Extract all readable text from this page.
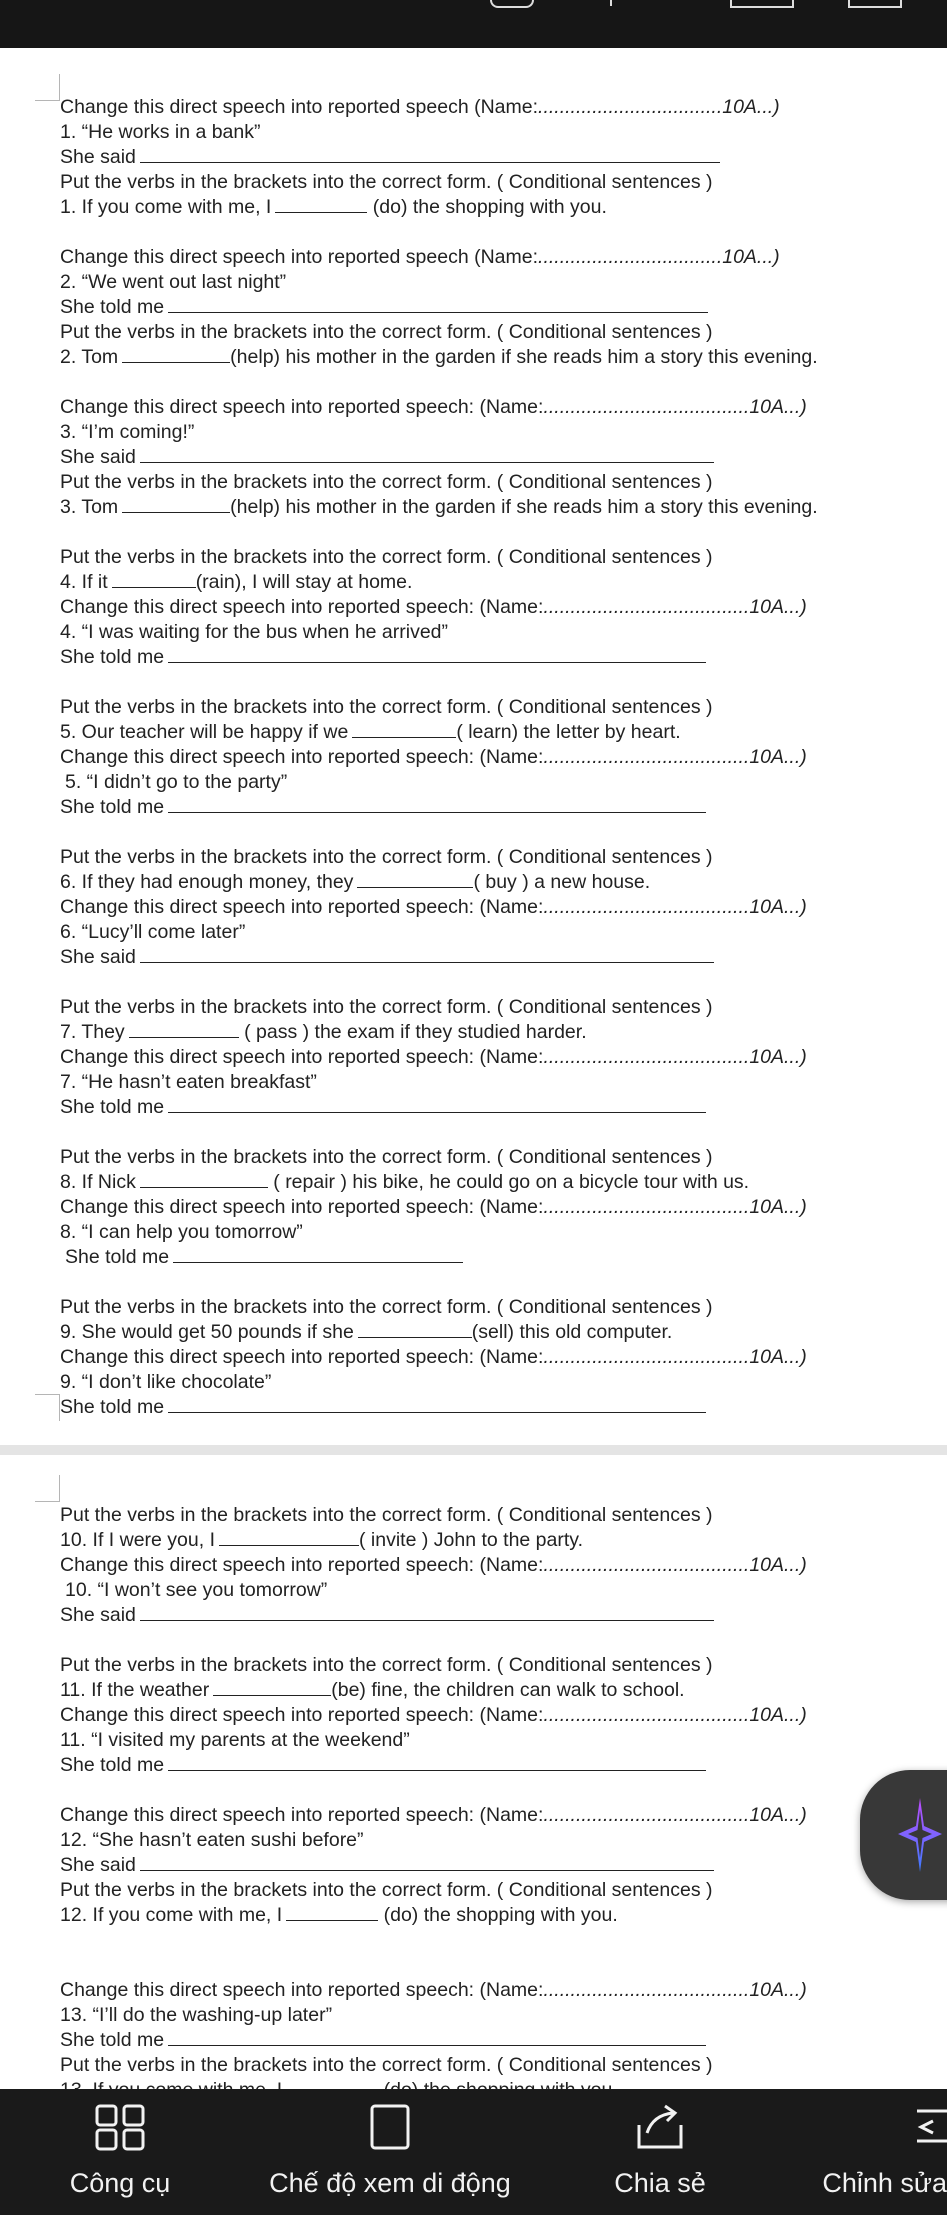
Change this direct speech into reported speech (Name:..................................10A...)
1. “He works in a bank”
She said
Put the verbs in the brackets into the correct form. ( Conditional sentences )
1. If you come with me, I	(do) the shopping with you.
Change this direct speech into reported speech (Name:..................................10A...)
2. “We went out last night”
She told me
Put the verbs in the brackets into the correct form. ( Conditional sentences )
2. Tom	(help) his mother in the garden if she reads him a story this evening.
Change this direct speech into reported speech: (Name:......................................10A...)
3. “I’m coming!”
She said
Put the verbs in the brackets into the correct form. ( Conditional sentences )
3. Tom	(help) his mother in the garden if she reads him a story this evening.
Put the verbs in the brackets into the correct form. ( Conditional sentences )
4. If it	(rain), I will stay at home.
Change this direct speech into reported speech: (Name:......................................10A...)
4. “I was waiting for the bus when he arrived”
She told me
Put the verbs in the brackets into the correct form. ( Conditional sentences )
5. Our teacher will be happy if we	( learn) the letter by heart.
Change this direct speech into reported speech: (Name:......................................10A...)
5. “I didn’t go to the party”
She told me
Put the verbs in the brackets into the correct form. ( Conditional sentences )
6. If they had enough money, they	( buy ) a new house.
Change this direct speech into reported speech: (Name:......................................10A...)
6. “Lucy’ll come later”
She said
Put the verbs in the brackets into the correct form. ( Conditional sentences )
7. They	( pass ) the exam if they studied harder.
Change this direct speech into reported speech: (Name:......................................10A...)
7. “He hasn’t eaten breakfast”
She told me
Put the verbs in the brackets into the correct form. ( Conditional sentences )
8. If Nick	( repair ) his bike, he could go on a bicycle tour with us.
Change this direct speech into reported speech: (Name:......................................10A...)
8. “I can help you tomorrow”
She told me
Put the verbs in the brackets into the correct form. ( Conditional sentences )
9. She would get 50 pounds if she	(sell) this old computer.
Change this direct speech into reported speech: (Name:......................................10A...)
9. “I don’t like chocolate”
She told me
Put the verbs in the brackets into the correct form. ( Conditional sentences )
10. If I were you, I	( invite ) John to the party.
Change this direct speech into reported speech: (Name:......................................10A...)
10. “I won’t see you tomorrow”
She said
Put the verbs in the brackets into the correct form. ( Conditional sentences )
11. If the weather	(be) fine, the children can walk to school.
Change this direct speech into reported speech: (Name:......................................10A...)
11. “I visited my parents at the weekend”
She told me
Change this direct speech into reported speech: (Name:......................................10A...)
12. “She hasn’t eaten sushi before”
She said
Put the verbs in the brackets into the correct form. ( Conditional sentences )
12. If you come with me, I	(do) the shopping with you.
Change this direct speech into reported speech: (Name:......................................10A...)
13. “I’ll do the washing-up later”
She told me
Put the verbs in the brackets into the correct form. ( Conditional sentences )
Công cụ	Chế độ xem di động	Chia sẻ	Chỉnh sửa
